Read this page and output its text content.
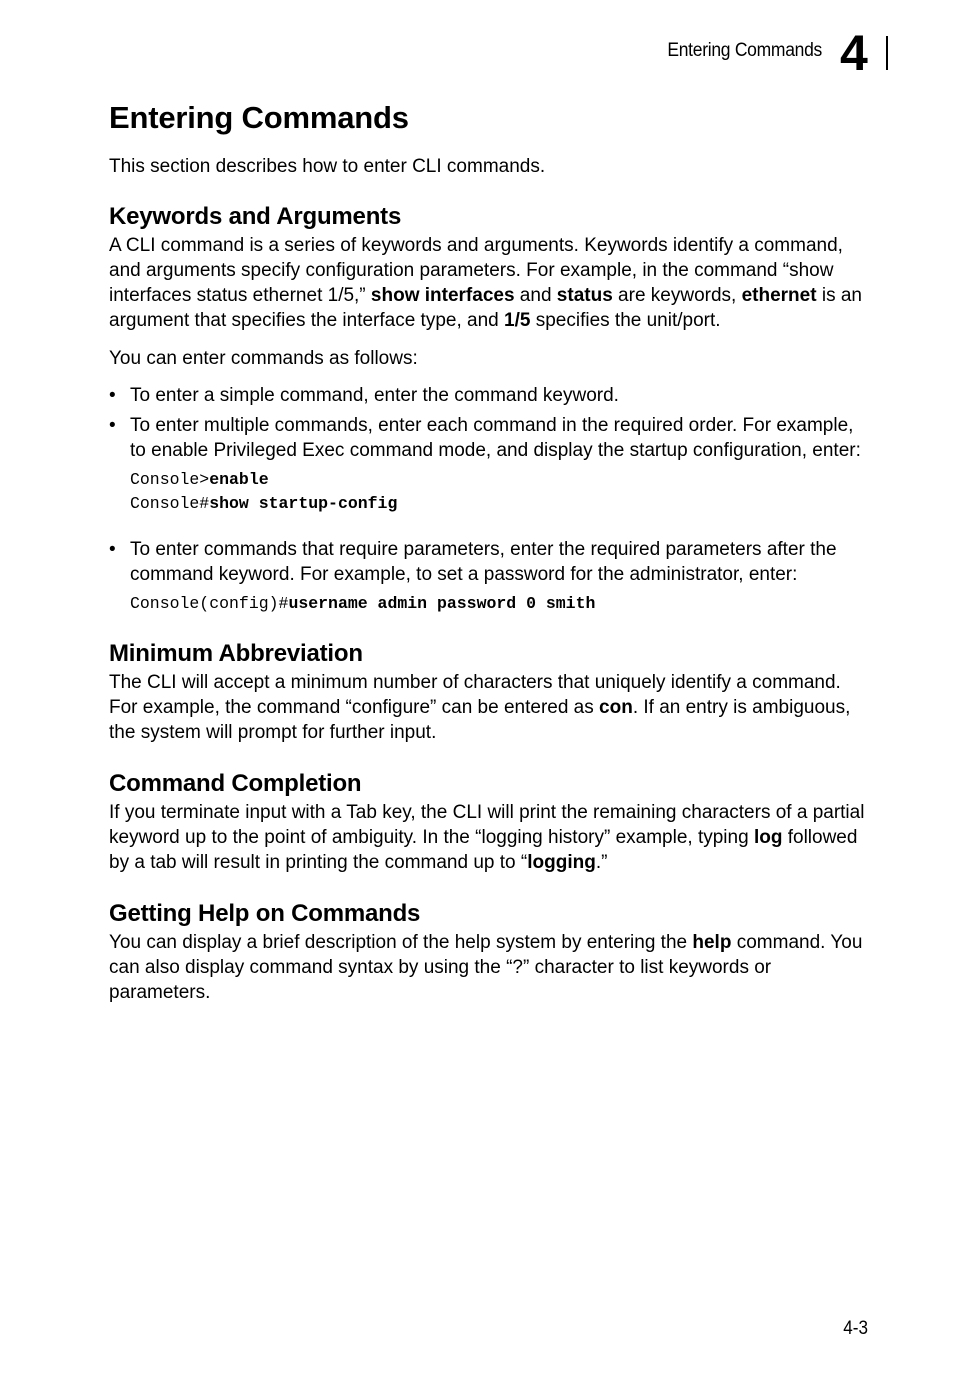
Entering Commands 4
Entering Commands

This section describes how to enter CLI commands.

Keywords and Arguments

A CLI command is a series of keywords and arguments. Keywords identify a command, and arguments specify configuration parameters. For example, in the command “show interfaces status ethernet 1/5,” show interfaces and status are keywords, ethernet is an argument that specifies the interface type, and 1/5 specifies the unit/port.

You can enter commands as follows:

• To enter a simple command, enter the command keyword.
• To enter multiple commands, enter each command in the required order. For example, to enable Privileged Exec command mode, and display the startup configuration, enter:
Console>enable
Console#show startup-config
• To enter commands that require parameters, enter the required parameters after the command keyword. For example, to set a password for the administrator, enter:
Console(config)#username admin password 0 smith
Minimum Abbreviation

The CLI will accept a minimum number of characters that uniquely identify a command. For example, the command “configure” can be entered as con. If an entry is ambiguous, the system will prompt for further input.

Command Completion

If you terminate input with a Tab key, the CLI will print the remaining characters of a partial keyword up to the point of ambiguity. In the “logging history” example, typing log followed by a tab will result in printing the command up to “logging.”

Getting Help on Commands

You can display a brief description of the help system by entering the help command. You can also display command syntax by using the “?” character to list keywords or parameters.

4-3
